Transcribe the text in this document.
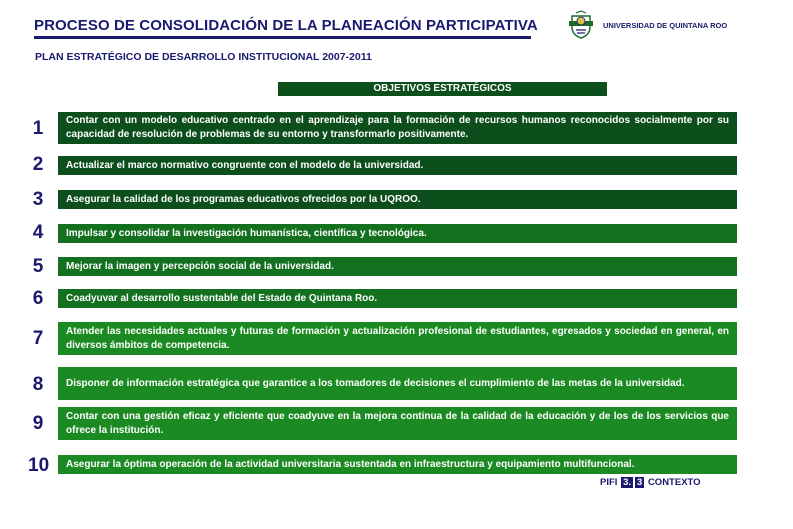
PROCESO DE CONSOLIDACIÓN DE LA PLANEACIÓN PARTICIPATIVA
PLAN ESTRATÉGICO DE DESARROLLO INSTITUCIONAL 2007-2011
UNIVERSIDAD DE QUINTANA ROO
OBJETIVOS ESTRATÉGICOS
1	Contar con un modelo educativo centrado en el aprendizaje para la formación de recursos humanos reconocidos socialmente por su capacidad de resolución de problemas de su entorno y transformarlo positivamente.
2	Actualizar el marco normativo congruente con el modelo de la universidad.
3	Asegurar la calidad de los programas educativos ofrecidos por la UQROO.
4	Impulsar y consolidar la investigación humanística, científica y tecnológica.
5	Mejorar la imagen y percepción social de la universidad.
6	Coadyuvar al desarrollo sustentable del Estado de Quintana Roo.
7	Atender las necesidades actuales y futuras de formación y actualización profesional de estudiantes, egresados y sociedad en general, en diversos ámbitos de competencia.
8	Disponer de información estratégica que garantice a los tomadores de decisiones el cumplimiento de las metas de la universidad.
9	Contar con una gestión eficaz y eficiente que coadyuve en la mejora continua de la calidad de la educación y de los de los servicios que ofrece la institución.
10 Asegurar la óptima operación de la actividad universitaria sustentada en infraestructura y equipamiento multifuncional.
PIFI 3. 3 CONTEXTO
